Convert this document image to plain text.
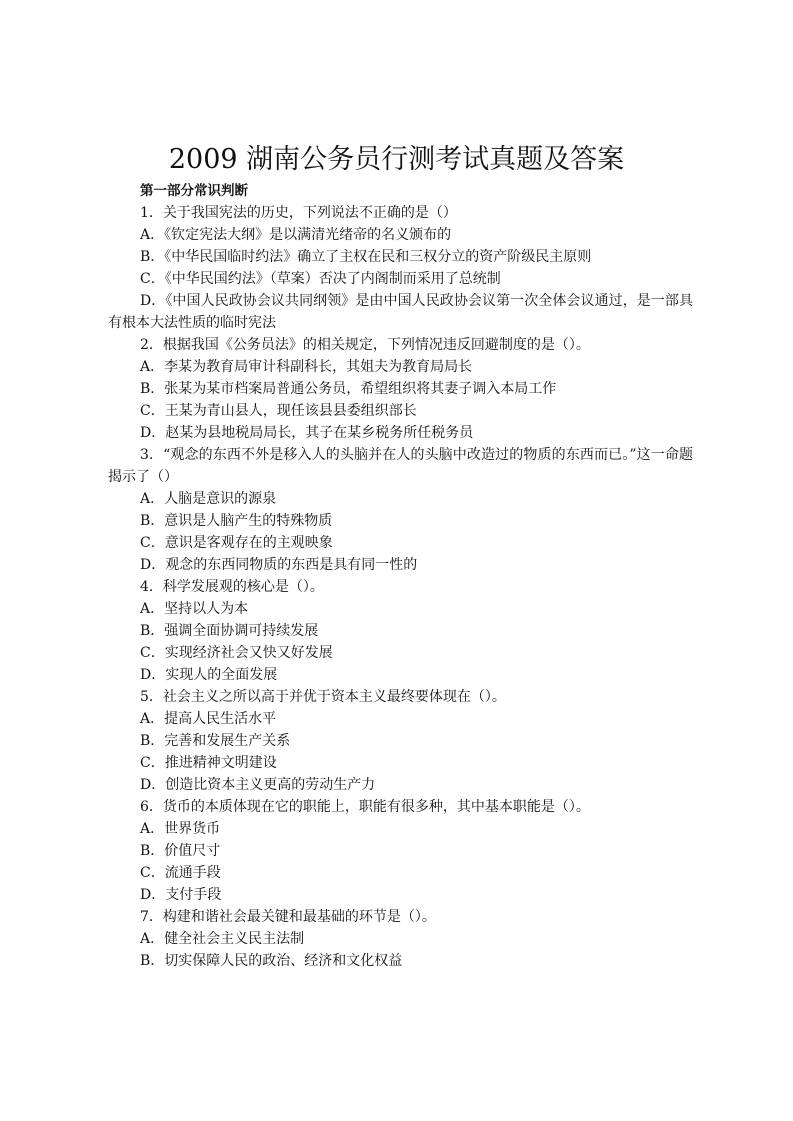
2009 湖南公务员行测考试真题及答案

第一部分常识判断

1．关于我国宪法的历史，下列说法不正确的是（）

A．《钦定宪法大纲》是以满清光绪帝的名义颁布的

B．《中华民国临时约法》确立了主权在民和三权分立的资产阶级民主原则

C．《中华民国约法》（草案）否决了内阁制而采用了总统制

D．《中国人民政协会议共同纲领》是由中国人民政协会议第一次全体会议通过，是一部具有根本大法性质的临时宪法

2．根据我国《公务员法》的相关规定，下列情况违反回避制度的是（）。

A．李某为教育局审计科副科长，其姐夫为教育局局长

B．张某为某市档案局普通公务员，希望组织将其妻子调入本局工作

C．王某为青山县人，现任该县县委组织部长

D．赵某为县地税局局长，其子在某乡税务所任税务员

3．“观念的东西不外是移入人的头脑并在人的头脑中改造过的物质的东西而已。”这一命题揭示了（）

A．人脑是意识的源泉

B．意识是人脑产生的特殊物质

C．意识是客观存在的主观映象

D．观念的东西同物质的东西是具有同一性的

4．科学发展观的核心是（）。

A．坚持以人为本

B．强调全面协调可持续发展

C．实现经济社会又快又好发展

D．实现人的全面发展

5．社会主义之所以高于并优于资本主义最终要体现在（）。

A．提高人民生活水平

B．完善和发展生产关系

C．推进精神文明建设

D．创造比资本主义更高的劳动生产力

6．货币的本质体现在它的职能上，职能有很多种，其中基本职能是（）。

A．世界货币

B．价值尺寸

C．流通手段

D．支付手段

7．构建和谐社会最关键和最基础的环节是（）。

A．健全社会主义民主法制

B．切实保障人民的政治、经济和文化权益
